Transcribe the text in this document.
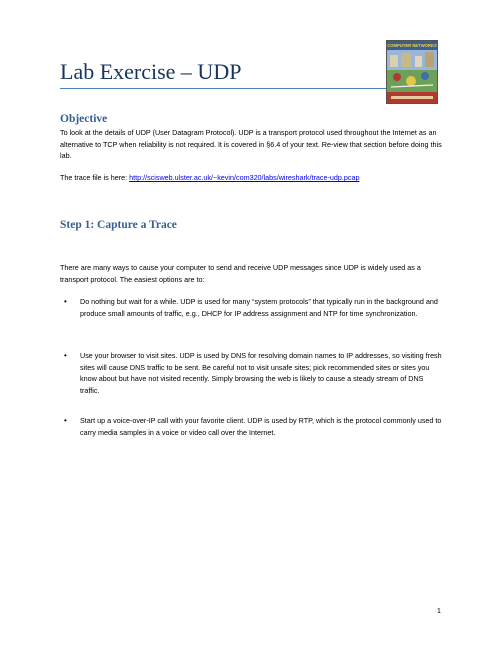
Lab Exercise – UDP
COMPUTER NETWORKS
Objective

To look at the details of UDP (User Datagram Protocol). UDP is a transport protocol used throughout the Internet as an alternative to TCP when reliability is not required. It is covered in §6.4 of your text. Re-view that section before doing this lab.

The trace file is here: http://scisweb.ulster.ac.uk/~kevin/com320/labs/wireshark/trace-udp.pcap

Step 1: Capture a Trace

There are many ways to cause your computer to send and receive UDP messages since UDP is widely used as a transport protocol. The easiest options are to:

• Do nothing but wait for a while. UDP is used for many “system protocols” that typically run in the background and produce small amounts of traffic, e.g., DHCP for IP address assignment and NTP for time synchronization.
• Use your browser to visit sites. UDP is used by DNS for resolving domain names to IP addresses, so visiting fresh sites will cause DNS traffic to be sent. Be careful not to visit unsafe sites; pick recommended sites or sites you know about but have not visited recently. Simply browsing the web is likely to cause a steady stream of DNS traffic.
• Start up a voice-over-IP call with your favorite client. UDP is used by RTP, which is the protocol commonly used to carry media samples in a voice or video call over the Internet.
1
